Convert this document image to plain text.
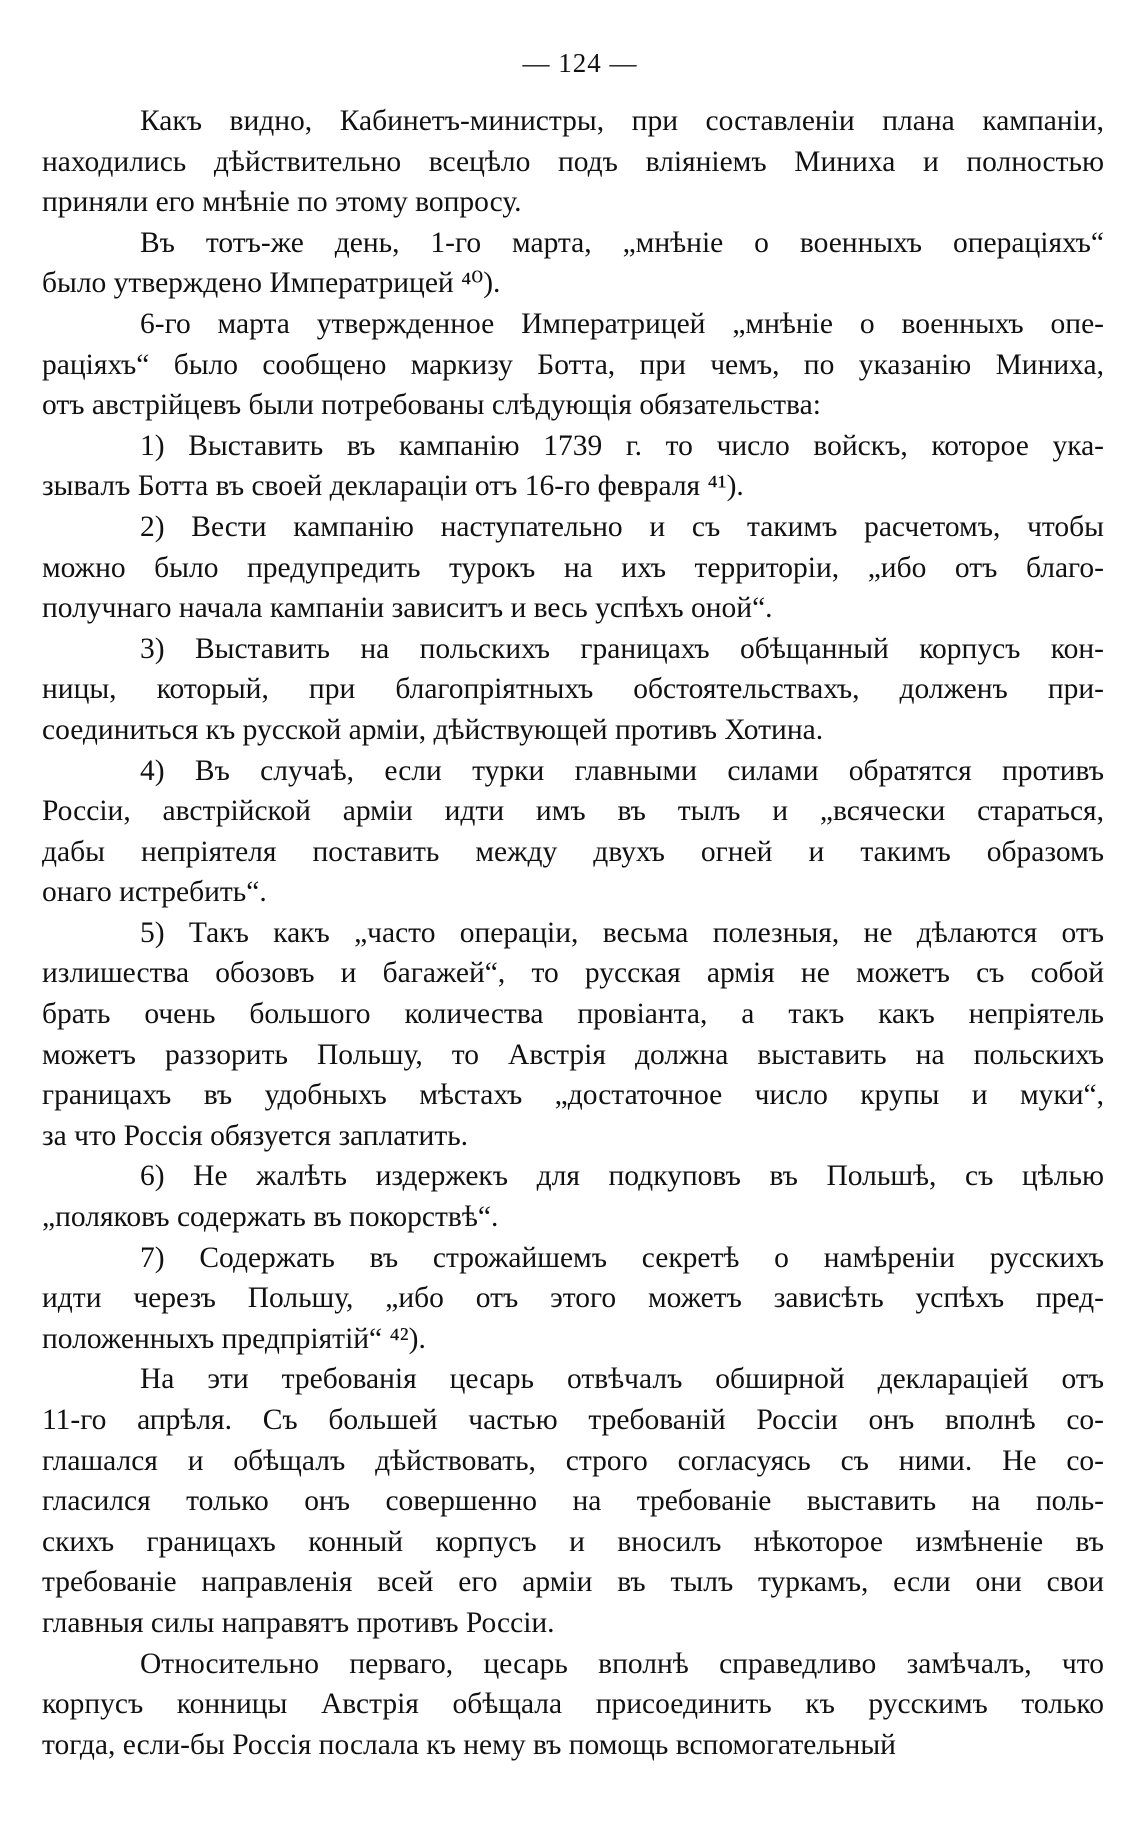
— 124 —

Какъ видно, Кабинетъ-министры, при составленіи плана кампаніи,
находились дѣйствительно всецѣло подъ вліяніемъ Миниха и полностью
приняли его мнѣніе по этому вопросу.

Въ тотъ-же день, 1-го марта, „мнѣніе о военныхъ операціяхъ“
было утверждено Императрицей ⁴⁰).

6-го марта утвержденное Императрицей „мнѣніе о военныхъ опе-
раціяхъ“ было сообщено маркизу Ботта, при чемъ, по указанію Миниха,
отъ австрійцевъ были потребованы слѣдующія обязательства:

1) Выставить въ кампанію 1739 г. то число войскъ, которое ука-
зывалъ Ботта въ своей деклараціи отъ 16-го февраля ⁴¹).

2) Вести кампанію наступательно и съ такимъ расчетомъ, чтобы
можно было предупредить турокъ на ихъ территоріи, „ибо отъ благо-
получнаго начала кампаніи зависитъ и весь успѣхъ оной“.

3) Выставить на польскихъ границахъ обѣщанный корпусъ кон-
ницы, который, при благопріятныхъ обстоятельствахъ, долженъ при-
соединиться къ русской арміи, дѣйствующей противъ Хотина.

4) Въ случаѣ, если турки главными силами обратятся противъ
Россіи, австрійской арміи идти имъ въ тылъ и „всячески стараться,
дабы непріятеля поставить между двухъ огней и такимъ образомъ
онаго истребить“.

5) Такъ какъ „часто операціи, весьма полезныя, не дѣлаются отъ
излишества обозовъ и багажей“, то русская армія не можетъ съ собой
брать очень большого количества провіанта, а такъ какъ непріятель
можетъ раззорить Польшу, то Австрія должна выставить на польскихъ
границахъ въ удобныхъ мѣстахъ „достаточное число крупы и муки“,
за что Россія обязуется заплатить.

6) Не жалѣть издержекъ для подкуповъ въ Польшѣ, съ цѣлью
„поляковъ содержать въ покорствѣ“.

7) Содержать въ строжайшемъ секретѣ о намѣреніи русскихъ
идти черезъ Польшу, „ибо отъ этого можетъ зависѣть успѣхъ пред-
положенныхъ предпріятій“ ⁴²).

На эти требованія цесарь отвѣчалъ обширной деклараціей отъ
11-го апрѣля. Съ большей частью требованій Россіи онъ вполнѣ со-
глашался и обѣщалъ дѣйствовать, строго согласуясь съ ними. Не со-
гласился только онъ совершенно на требованіе выставить на поль-
скихъ границахъ конный корпусъ и вносилъ нѣкоторое измѣненіе въ
требованіе направленія всей его арміи въ тылъ туркамъ, если они свои
главныя силы направятъ противъ Россіи.

Относительно перваго, цесарь вполнѣ справедливо замѣчалъ, что
корпусъ конницы Австрія обѣщала присоединить къ русскимъ только
тогда, если-бы Россія послала къ нему въ помощь вспомогательный
